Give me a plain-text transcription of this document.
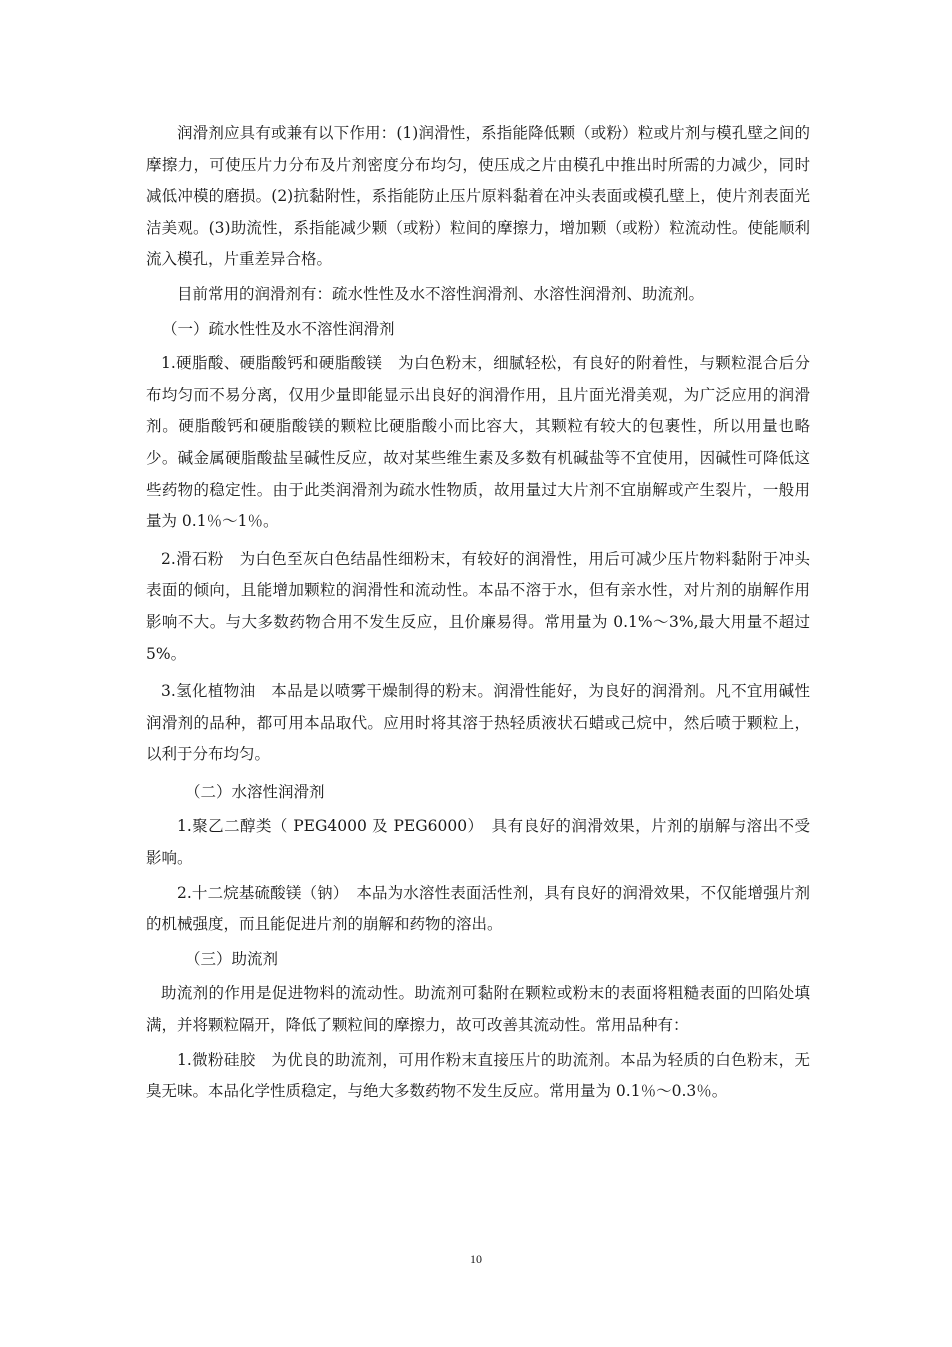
润滑剂应具有或兼有以下作用：(1)润滑性，系指能降低颗（或粉）粒或片剂与模孔壁之间的摩擦力，可使压片力分布及片剂密度分布均匀，使压成之片由模孔中推出时所需的力减少，同时减低冲模的磨损。(2)抗黏附性，系指能防止压片原料黏着在冲头表面或模孔壁上，使片剂表面光洁美观。(3)助流性，系指能减少颗（或粉）粒间的摩擦力，增加颗（或粉）粒流动性。使能顺利流入模孔，片重差异合格。

目前常用的润滑剂有：疏水性性及水不溶性润滑剂、水溶性润滑剂、助流剂。

（一）疏水性性及水不溶性润滑剂

1.硬脂酸、硬脂酸钙和硬脂酸镁　为白色粉末，细腻轻松，有良好的附着性，与颗粒混合后分布均匀而不易分离，仅用少量即能显示出良好的润滑作用，且片面光滑美观，为广泛应用的润滑剂。硬脂酸钙和硬脂酸镁的颗粒比硬脂酸小而比容大，其颗粒有较大的包裹性，所以用量也略少。碱金属硬脂酸盐呈碱性反应，故对某些维生素及多数有机碱盐等不宜使用，因碱性可降低这些药物的稳定性。由于此类润滑剂为疏水性物质，故用量过大片剂不宜崩解或产生裂片，一般用量为 0.1％～1％。

2.滑石粉　为白色至灰白色结晶性细粉末，有较好的润滑性，用后可减少压片物料黏附于冲头表面的倾向，且能增加颗粒的润滑性和流动性。本品不溶于水，但有亲水性，对片剂的崩解作用影响不大。与大多数药物合用不发生反应，且价廉易得。常用量为 0.1%～3%,最大用量不超过 5%。

3.氢化植物油　本品是以喷雾干燥制得的粉末。润滑性能好，为良好的润滑剂。凡不宜用碱性润滑剂的品种，都可用本品取代。应用时将其溶于热轻质液状石蜡或己烷中，然后喷于颗粒上，以利于分布均匀。

（二）水溶性润滑剂

1.聚乙二醇类（ PEG4000 及 PEG6000）　具有良好的润滑效果，片剂的崩解与溶出不受影响。

2.十二烷基硫酸镁（钠）　本品为水溶性表面活性剂，具有良好的润滑效果，不仅能增强片剂的机械强度，而且能促进片剂的崩解和药物的溶出。

（三）助流剂

助流剂的作用是促进物料的流动性。助流剂可黏附在颗粒或粉末的表面将粗糙表面的凹陷处填满，并将颗粒隔开，降低了颗粒间的摩擦力，故可改善其流动性。常用品种有：

1.微粉硅胶　为优良的助流剂，可用作粉末直接压片的助流剂。本品为轻质的白色粉末，无臭无味。本品化学性质稳定，与绝大多数药物不发生反应。常用量为 0.1％～0.3％。

10
